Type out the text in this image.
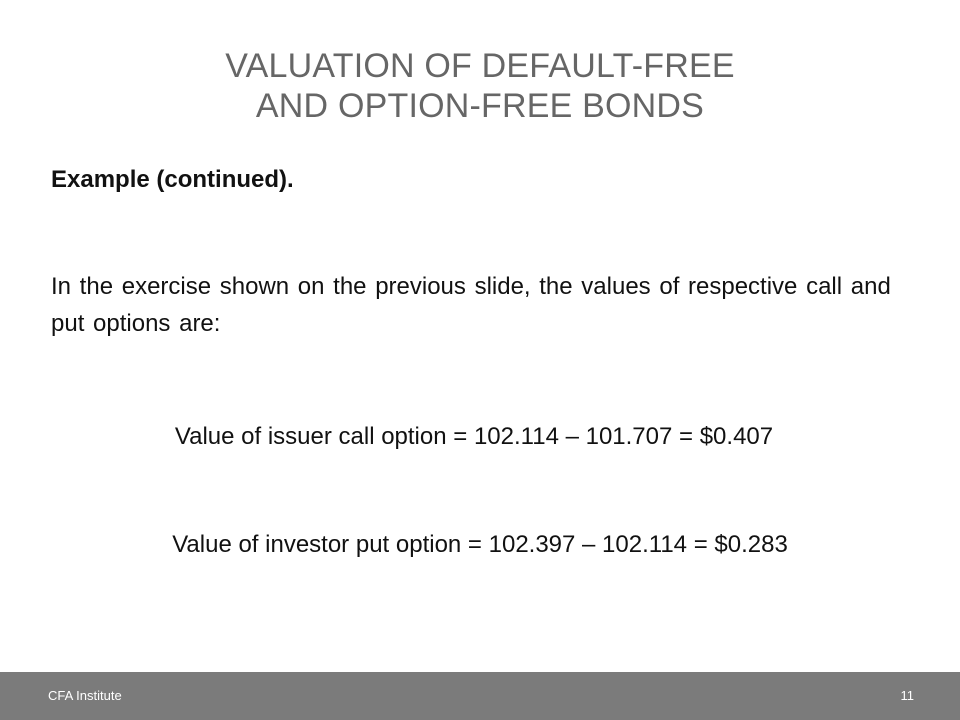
VALUATION OF DEFAULT-FREE
AND OPTION-FREE BONDS
Example (continued).
In the exercise shown on the previous slide, the values of respective call and put options are:
Value of issuer call option = 102.114 – 101.707 = $0.407
Value of investor put option = 102.397 – 102.114 = $0.283
CFA Institute	11
